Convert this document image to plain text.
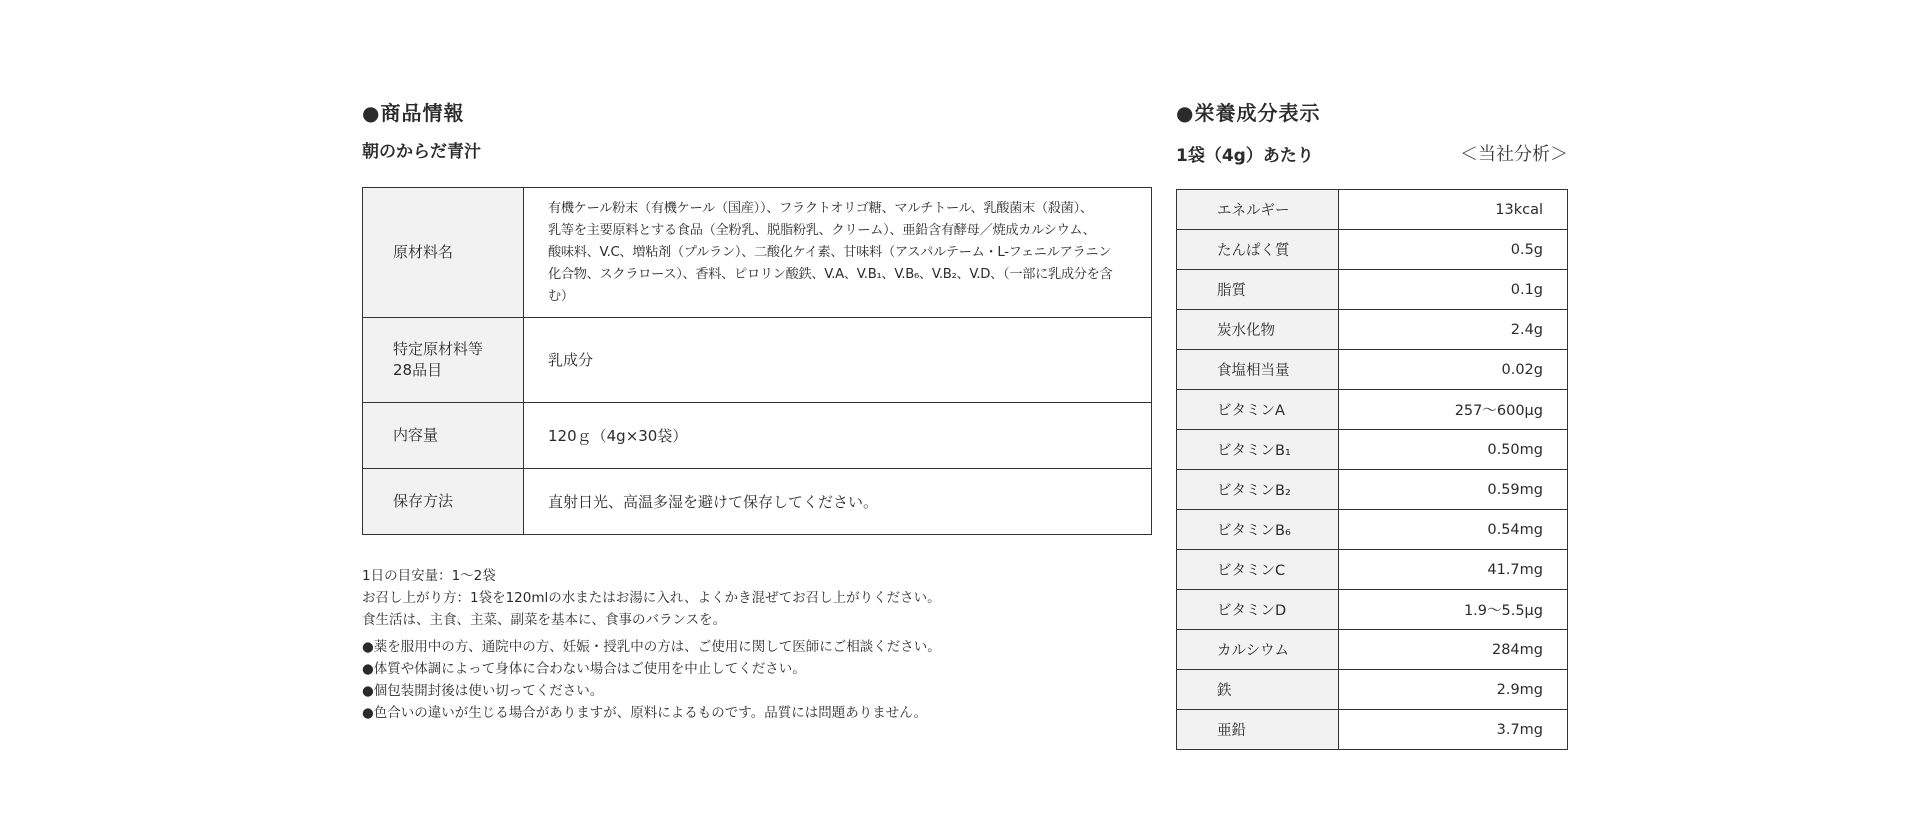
●商品情報
朝のからだ青汁
原材料名	有機ケール粉末（有機ケール（国産））、フラクトオリゴ糖、マルチトール、乳酸菌末（殺菌）、
乳等を主要原料とする食品（全粉乳、脱脂粉乳、クリーム）、亜鉛含有酵母／焼成カルシウム、
酸味料、V.C、増粘剤（プルラン）、二酸化ケイ素、甘味料（アスパルテーム・L-フェニルアラニン
化合物、スクラロース）、香料、ピロリン酸鉄、V.A、V.B₁、V.B₆、V.B₂、V.D、（一部に乳成分を含む）

特定原材料等
28品目	乳成分

内容量	120ｇ（4g×30袋）

保存方法	直射日光、高温多湿を避けて保存してください。
1日の目安量：1～2袋
お召し上がり方：1袋を120mlの水またはお湯に入れ、よくかき混ぜてお召し上がりください。
食生活は、主食、主菜、副菜を基本に、食事のバランスを。
●薬を服用中の方、通院中の方、妊娠・授乳中の方は、ご使用に関して医師にご相談ください。
●体質や体調によって身体に合わない場合はご使用を中止してください。
●個包装開封後は使い切ってください。
●色合いの違いが生じる場合がありますが、原料によるものです。品質には問題ありません。
●栄養成分表示
1袋（4g）あたり	＜当社分析＞
エネルギー	13kcal
たんぱく質	0.5g
脂質	0.1g
炭水化物	2.4g
食塩相当量	0.02g
ビタミンA	257～600μg
ビタミンB₁	0.50mg
ビタミンB₂	0.59mg
ビタミンB₆	0.54mg
ビタミンC	41.7mg
ビタミンD	1.9～5.5μg
カルシウム	284mg
鉄	2.9mg
亜鉛	3.7mg
